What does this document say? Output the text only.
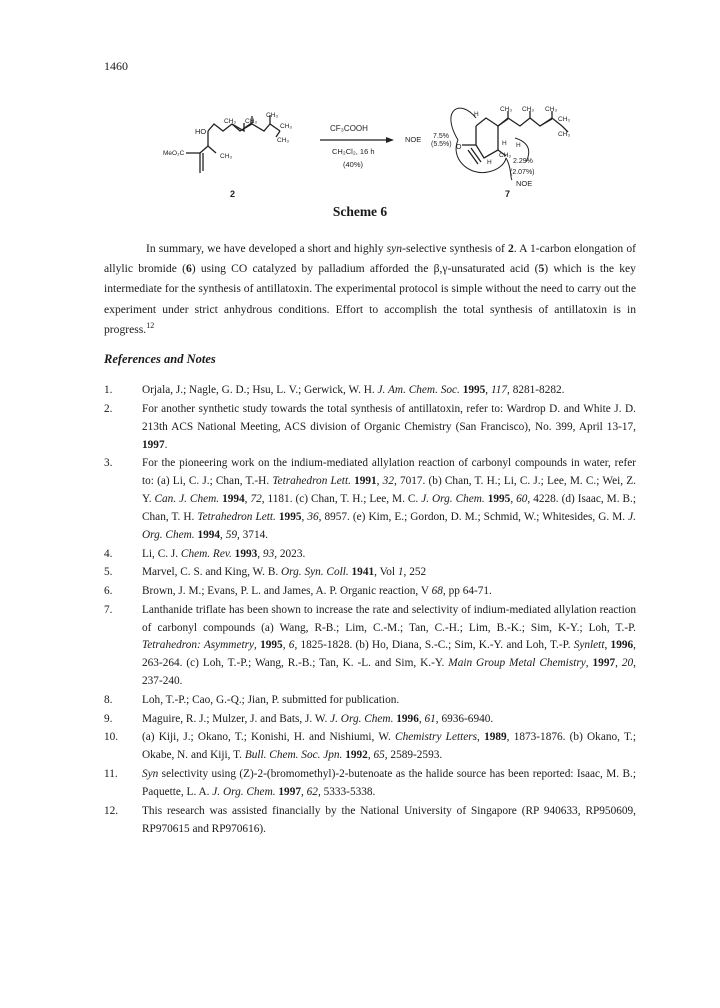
1460
CH₃ CH₃
CH₃
CH₃
CH₃
CH₃
HO
MeO₂C
2
CF₃COOH
CH₂Cl₂, 16 h
(40%)
NOE 7.5%
(5.5%)
2.29%
(2.07%)
NOE
H
H
H
H
O
CH₃ CH₃ CH₃
CH₃
CH₃
CH₃
7
Scheme 6

In summary, we have developed a short and highly syn-selective synthesis of 2. A 1-carbon elongation of allylic bromide (6) using CO catalyzed by palladium afforded the β,γ-unsaturated acid (5) which is the key intermediate for the synthesis of antillatoxin. The experimental protocol is simple without the need to carry out the experiment under strict anhydrous conditions. Effort to accomplish the total synthesis of antillatoxin is in progress.$^{12}$

References and Notes
1.	Orjala, J.; Nagle, G. D.; Hsu, L. V.; Gerwick, W. H. J. Am. Chem. Soc. 1995, 117, 8281-8282.
2.	For another synthetic study towards the total synthesis of antillatoxin, refer to: Wardrop D. and White J. D. 213th ACS National Meeting, ACS division of Organic Chemistry (San Francisco), No. 399, April 13-17, 1997.
3.	For the pioneering work on the indium-mediated allylation reaction of carbonyl compounds in water, refer to: (a) Li, C. J.; Chan, T.-H. Tetrahedron Lett. 1991, 32, 7017. (b) Chan, T. H.; Li, C. J.; Lee, M. C.; Wei, Z. Y. Can. J. Chem. 1994, 72, 1181. (c) Chan, T. H.; Lee, M. C. J. Org. Chem. 1995, 60, 4228. (d) Isaac, M. B.; Chan, T. H. Tetrahedron Lett. 1995, 36, 8957. (e) Kim, E.; Gordon, D. M.; Schmid, W.; Whitesides, G. M. J. Org. Chem. 1994, 59, 3714.
4.	Li, C. J. Chem. Rev. 1993, 93, 2023.
5.	Marvel, C. S. and King, W. B. Org. Syn. Coll. 1941, Vol 1, 252
6.	Brown, J. M.; Evans, P. L. and James, A. P. Organic reaction, V 68, pp 64-71.
7.	Lanthanide triflate has been shown to increase the rate and selectivity of indium-mediated allylation reaction of carbonyl compounds (a) Wang, R-B.; Lim, C.-M.; Tan, C.-H.; Lim, B.-K.; Sim, K-Y.; Loh, T.-P. Tetrahedron: Asymmetry, 1995, 6, 1825-1828. (b) Ho, Diana, S.-C.; Sim, K.-Y. and Loh, T.-P. Synlett, 1996, 263-264. (c) Loh, T.-P.; Wang, R.-B.; Tan, K. -L. and Sim, K.-Y. Main Group Metal Chemistry, 1997, 20, 237-240.
8.	Loh, T.-P.; Cao, G.-Q.; Jian, P. submitted for publication.
9.	Maguire, R. J.; Mulzer, J. and Bats, J. W. J. Org. Chem. 1996, 61, 6936-6940.
10. (a) Kiji, J.; Okano, T.; Konishi, H. and Nishiumi, W. Chemistry Letters, 1989, 1873-1876. (b) Okano, T.; Okabe, N. and Kiji, T. Bull. Chem. Soc. Jpn. 1992, 65, 2589-2593.
11. Syn selectivity using (Z)-2-(bromomethyl)-2-butenoate as the halide source has been reported: Isaac, M. B.; Paquette, L. A. J. Org. Chem. 1997, 62, 5333-5338.
12. This research was assisted financially by the National University of Singapore (RP 940633, RP950609, RP970615 and RP970616).
